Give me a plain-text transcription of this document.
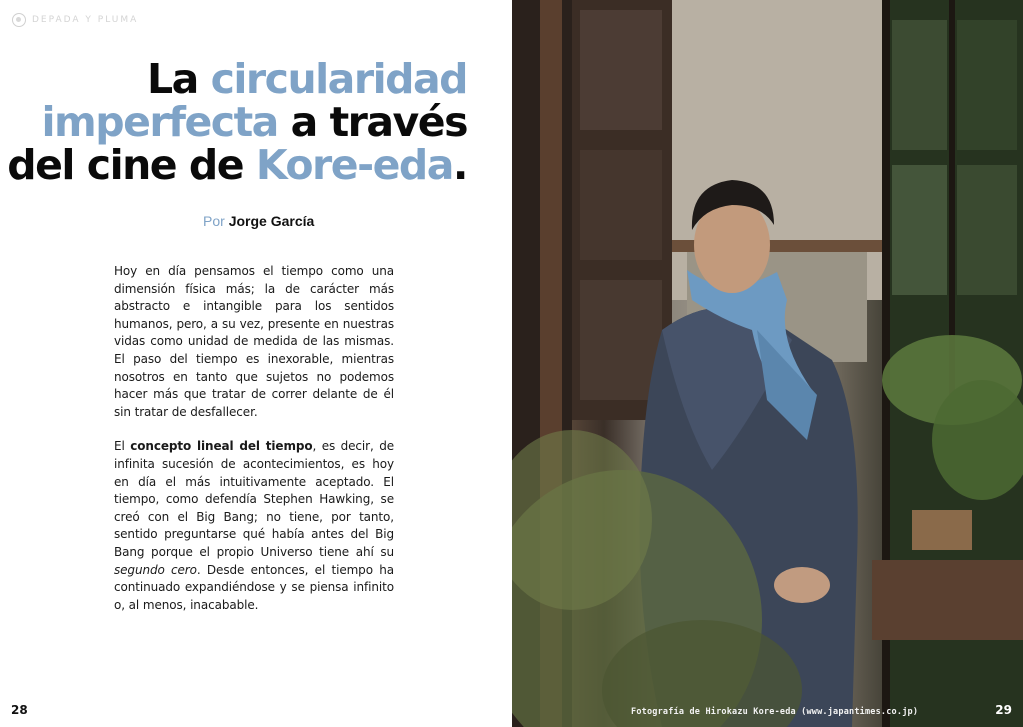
DEPADA Y PLUMA
La circularidad
imperfecta a través
del cine de Kore-eda.
Por Jorge García

Hoy en día pensamos el tiempo como una dimensión física más; la de carácter más abstracto e intangible para los sentidos humanos, pero, a su vez, presente en nuestras vidas como unidad de medida de las mismas. El paso del tiempo es inexorable, mientras nosotros en tanto que sujetos no podemos hacer más que tratar de correr delante de él sin tratar de desfallecer.

El concepto lineal del tiempo, es decir, de infinita sucesión de acontecimientos, es hoy en día el más intuitivamente aceptado. El tiempo, como defendía Stephen Hawking, se creó con el Big Bang; no tiene, por tanto, sentido preguntarse qué había antes del Big Bang porque el propio Universo tiene ahí su segundo cero. Desde entonces, el tiempo ha continuado expandiéndose y se piensa infinito o, al menos, inacabable.

28	Fotografía de Hirokazu Kore-eda (www.japantimes.co.jp)	29
